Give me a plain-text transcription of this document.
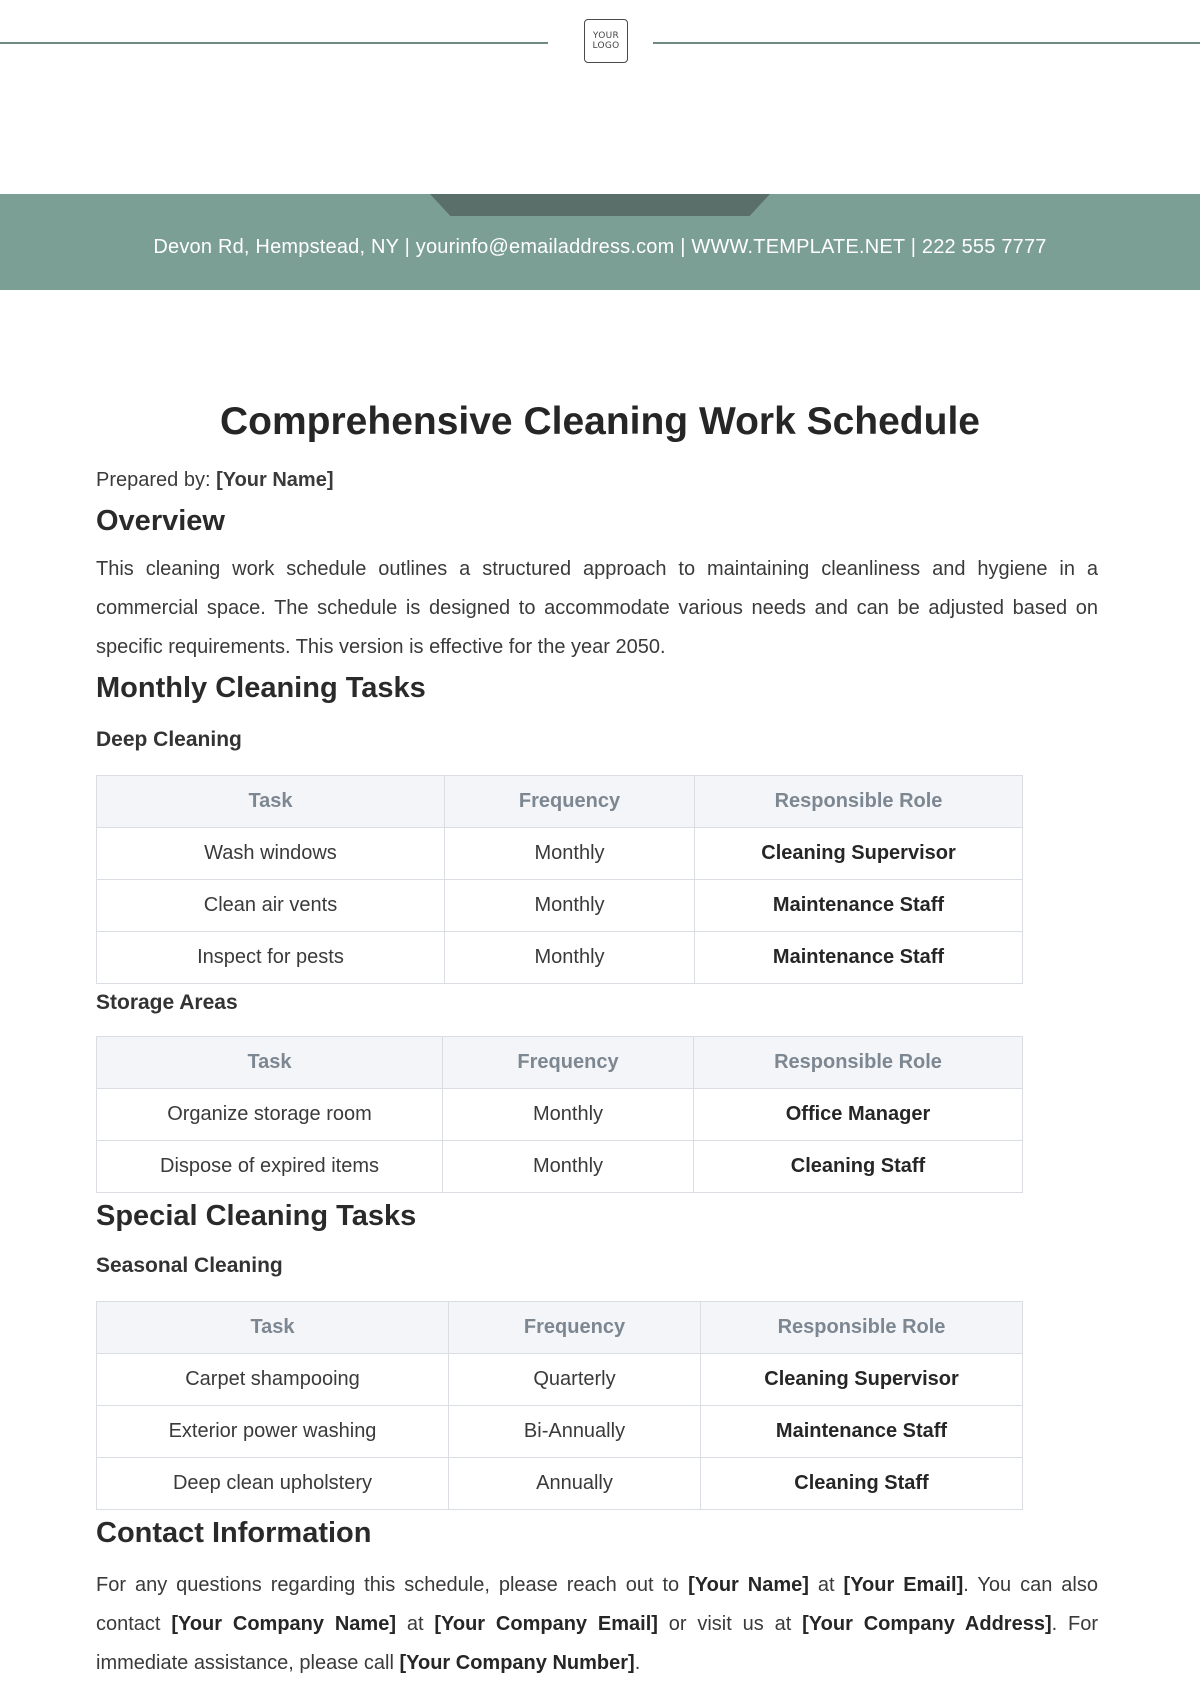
YOUR
LOGO
Devon Rd, Hempstead, NY | yourinfo@emailaddress.com | WWW.TEMPLATE.NET | 222 555 7777
Comprehensive Cleaning Work Schedule

Prepared by: [Your Name]

Overview

This cleaning work schedule outlines a structured approach to maintaining cleanliness and hygiene in a commercial space. The schedule is designed to accommodate various needs and can be adjusted based on specific requirements. This version is effective for the year 2050.

Monthly Cleaning Tasks
Deep Cleaning
Task	Frequency	Responsible Role
Wash windows	Monthly	Cleaning Supervisor
Clean air vents	Monthly	Maintenance Staff
Inspect for pests	Monthly	Maintenance Staff
Storage Areas
Task	Frequency	Responsible Role
Organize storage room	Monthly	Office Manager
Dispose of expired items	Monthly	Cleaning Staff
Special Cleaning Tasks
Seasonal Cleaning
Task	Frequency	Responsible Role
Carpet shampooing	Quarterly	Cleaning Supervisor
Exterior power washing	Bi-Annually	Maintenance Staff
Deep clean upholstery	Annually	Cleaning Staff
Contact Information

For any questions regarding this schedule, please reach out to [Your Name] at [Your Email]. You can also contact [Your Company Name] at [Your Company Email] or visit us at [Your Company Address]. For immediate assistance, please call [Your Company Number].
